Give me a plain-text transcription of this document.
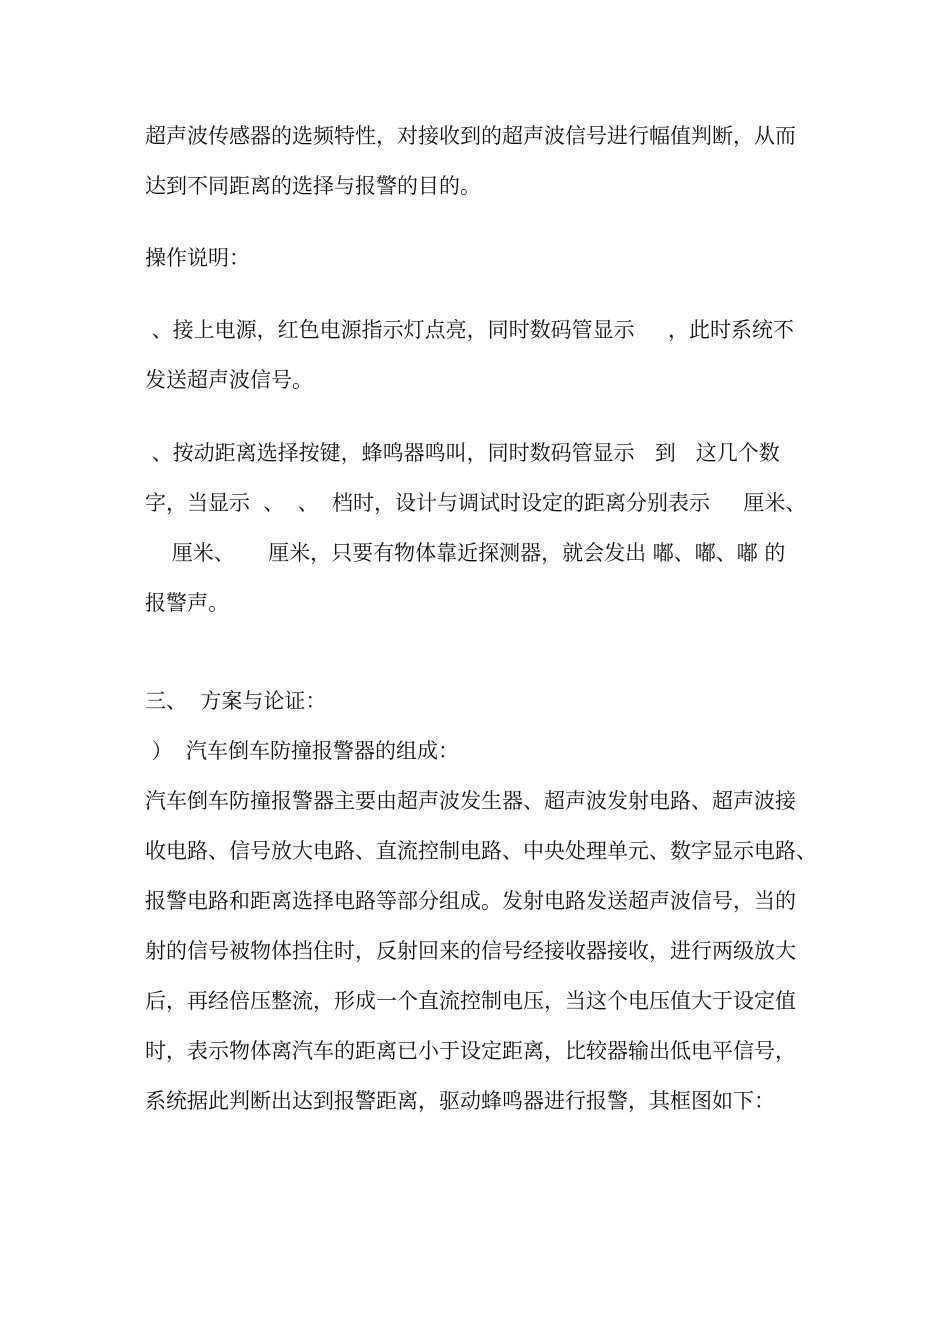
超声波传感器的选频特性，对接收到的超声波信号进行幅值判断，从而
达到不同距离的选择与报警的目的。
操作说明：
、接上电源，红色电源指示灯点亮，同时数码管显示     ，此时系统不
发送超声波信号。
、按动距离选择按键，蜂鸣器鸣叫，同时数码管显示   到   这几个数
字，当显示  、  、  档时，设计与调试时设定的距离分别表示     厘米、
厘米、     厘米，只要有物体靠近探测器，就会发出 嘟、嘟、嘟 的
报警声。
三、  方案与论证：
）  汽车倒车防撞报警器的组成：
汽车倒车防撞报警器主要由超声波发生器、超声波发射电路、超声波接
收电路、信号放大电路、直流控制电路、中央处理单元、数字显示电路、
报警电路和距离选择电路等部分组成。发射电路发送超声波信号，当的
射的信号被物体挡住时，反射回来的信号经接收器接收，进行两级放大
后，再经倍压整流，形成一个直流控制电压，当这个电压值大于设定值
时，表示物体离汽车的距离已小于设定距离，比较器输出低电平信号，
系统据此判断出达到报警距离，驱动蜂鸣器进行报警，其框图如下：
